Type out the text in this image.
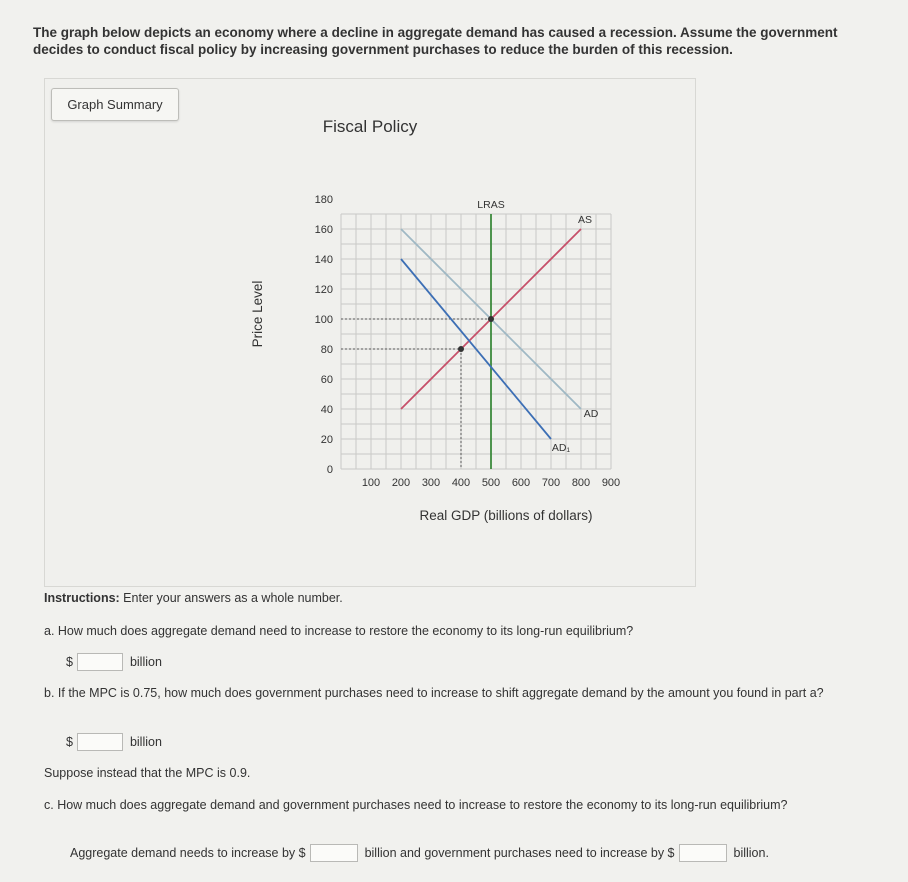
The graph below depicts an economy where a decline in aggregate demand has caused a recession. Assume the government decides to conduct fiscal policy by increasing government purchases to reduce the burden of this recession.
Graph Summary
Fiscal Policy
0
20
40
60
80
100
120
140
160
180
100 200 300 400 500 600 700 800 900
Real GDP (billions of dollars)
Price Level
LRAS
AS
AD
AD₁
Instructions: Enter your answers as a whole number.
a. How much does aggregate demand need to increase to restore the economy to its long-run equilibrium?
$	billion
b. If the MPC is 0.75, how much does government purchases need to increase to shift aggregate demand by the amount you found in part a?
$	billion
Suppose instead that the MPC is 0.9.
c. How much does aggregate demand and government purchases need to increase to restore the economy to its long-run equilibrium?
Aggregate demand needs to increase by $	billion and government purchases need to increase by $	billion.
